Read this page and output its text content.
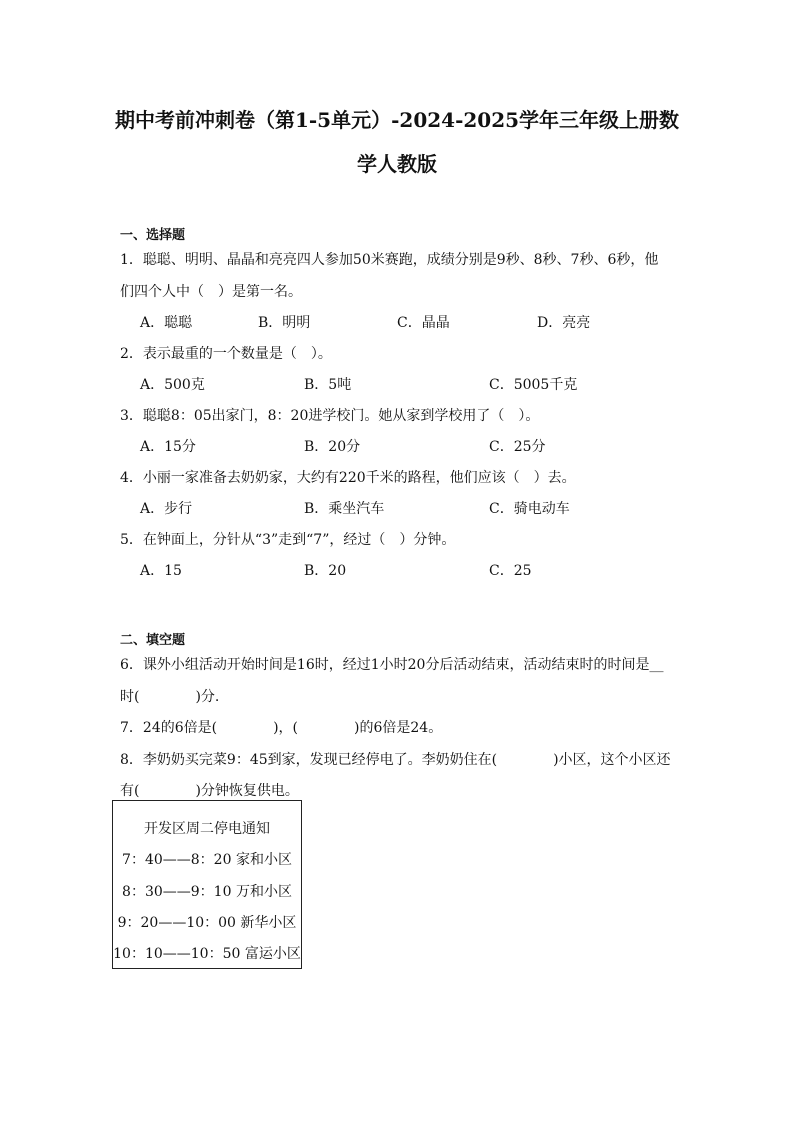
期中考前冲刺卷（第1-5单元）-2024-2025学年三年级上册数
学人教版
一、选择题
1．聪聪、明明、晶晶和亮亮四人参加50米赛跑，成绩分别是9秒、8秒、7秒、6秒，他
们四个人中（　）是第一名。
A．聪聪	B．明明	C．晶晶	D．亮亮
2．表示最重的一个数量是（　）。
A．500克	B．5吨	C．5005千克
3．聪聪8：05出家门，8：20进学校门。她从家到学校用了（　）。
A．15分	B．20分	C．25分
4．小丽一家准备去奶奶家，大约有220千米的路程，他们应该（　）去。
A．步行	B．乘坐汽车	C．骑电动车
5．在钟面上，分针从“3”走到“7”，经过（　）分钟。
A．15	B．20	C．25
二、填空题
6．课外小组活动开始时间是16时，经过1小时20分后活动结束，活动结束时的时间是__
时(　　　　)分.
7．24的6倍是(　　　　)，(　　　　)的6倍是24。
8．李奶奶买完菜9：45到家，发现已经停电了。李奶奶住在(　　　　)小区，这个小区还
有(　　　　)分钟恢复供电。
开发区周二停电通知
7：40——8：20 家和小区
8：30——9：10 万和小区
9：20——10：00 新华小区
10：10——10：50 富运小区
